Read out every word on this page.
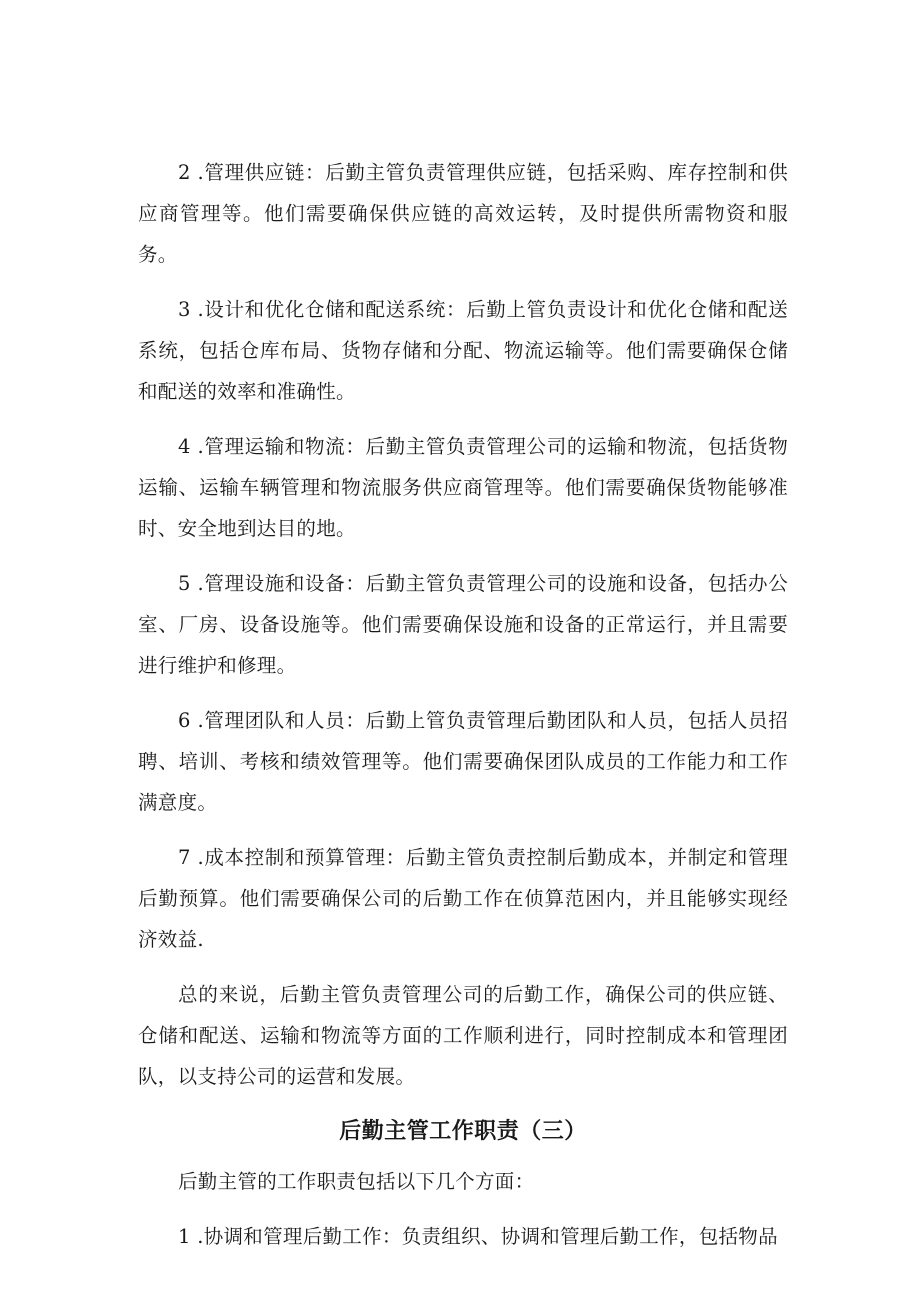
2 .管理供应链：后勤主管负责管理供应链，包括采购、库存控制和供应商管理等。他们需要确保供应链的高效运转，及时提供所需物资和服务。

3 .设计和优化仓储和配送系统：后勤上管负责设计和优化仓储和配送系统，包括仓库布局、货物存储和分配、物流运输等。他们需要确保仓储和配送的效率和准确性。

4 .管理运输和物流：后勤主管负责管理公司的运输和物流，包括货物运输、运输车辆管理和物流服务供应商管理等。他们需要确保货物能够准时、安全地到达目的地。

5 .管理设施和设备：后勤主管负责管理公司的设施和设备，包括办公室、厂房、设备设施等。他们需要确保设施和设备的正常运行，并且需要进行维护和修理。

6 .管理团队和人员：后勤上管负责管理后勤团队和人员，包括人员招聘、培训、考核和绩效管理等。他们需要确保团队成员的工作能力和工作满意度。

7 .成本控制和预算管理：后勤主管负责控制后勤成本，并制定和管理后勤预算。他们需要确保公司的后勤工作在侦算范困内，并且能够实现经济效益.

总的来说，后勤主管负责管理公司的后勤工作，确保公司的供应链、仓储和配送、运输和物流等方面的工作顺利进行，同时控制成本和管理团队，以支持公司的运营和发展。

后勤主管工作职责（三）

后勤主管的工作职责包括以下几个方面：

1 .协调和管理后勤工作：负责组织、协调和管理后勤工作，包括物品
